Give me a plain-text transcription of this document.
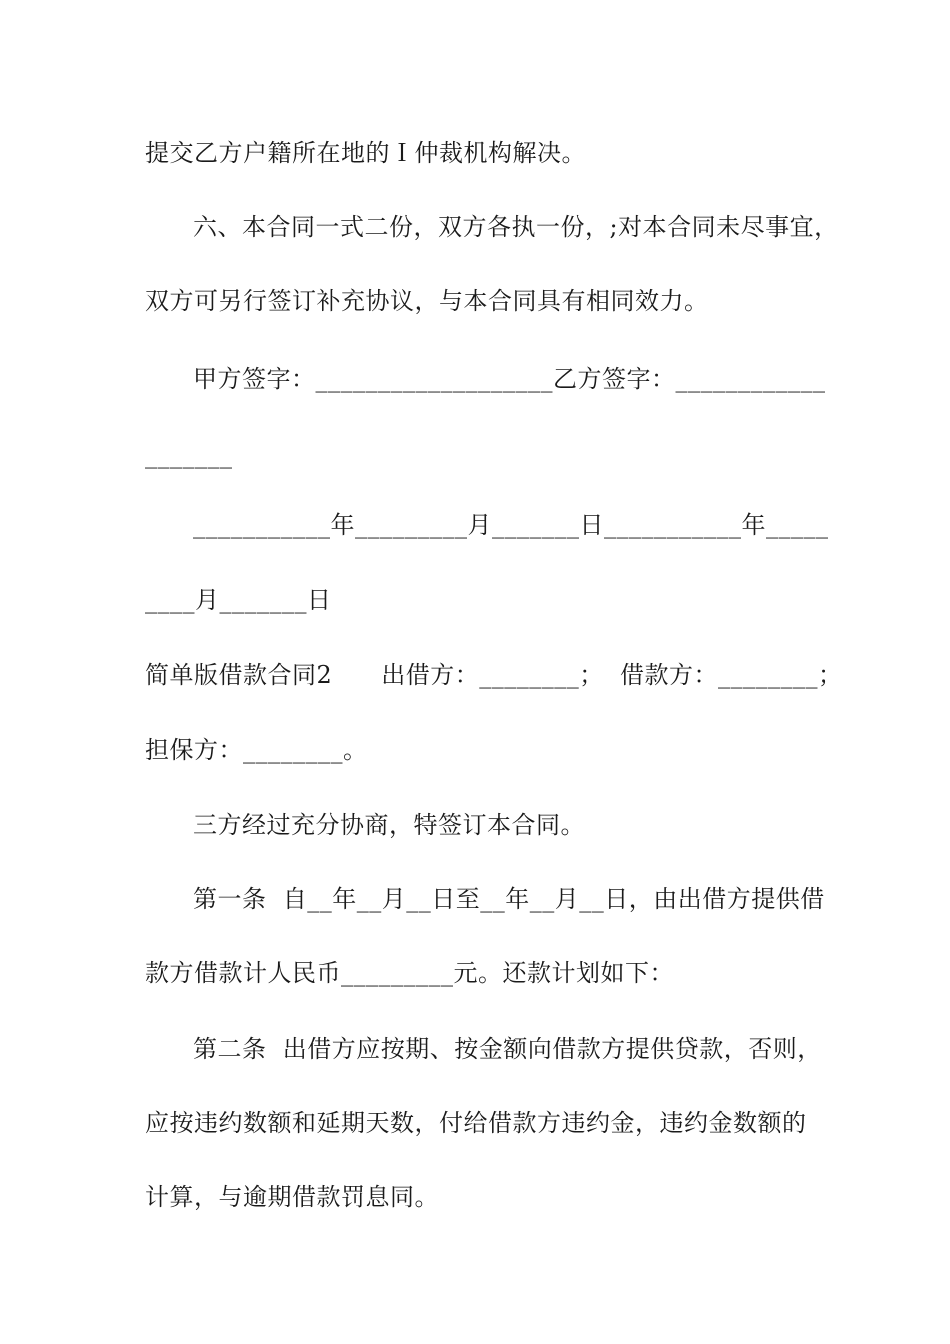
提交乙方户籍所在地的Ｉ仲裁机构解决。
六、本合同一式二份，双方各执一份，;对本合同未尽事宜，
双方可另行签订补充协议，与本合同具有相同效力。
甲方签字：___________________乙方签字：____________
_______
___________年_________月_______日___________年_____
____月_______日
简单版借款合同2　　出借方：________；  借款方：________；
担保方：________。
三方经过充分协商，特签订本合同。
第一条  自__年__月__日至__年__月__日，由出借方提供借
款方借款计人民币_________元。还款计划如下：
第二条  出借方应按期、按金额向借款方提供贷款，否则，
应按违约数额和延期天数，付给借款方违约金，违约金数额的
计算，与逾期借款罚息同。
